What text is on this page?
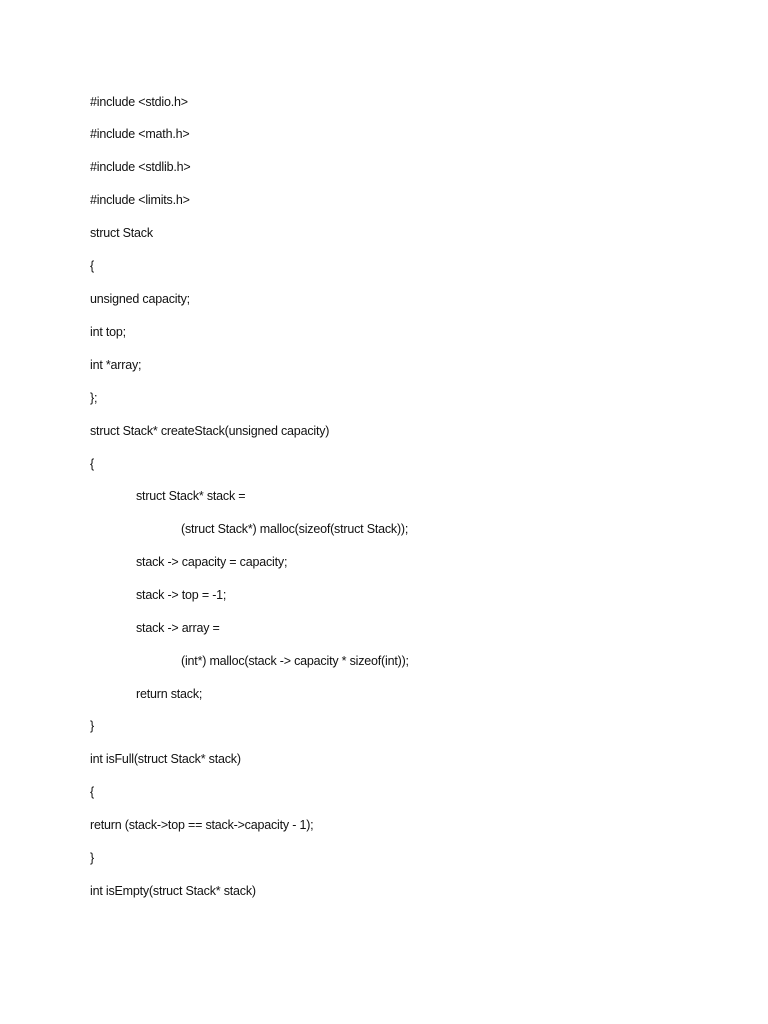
#include <stdio.h>
#include <math.h>
#include <stdlib.h>
#include <limits.h>
struct Stack
{
unsigned capacity;
int top;
int *array;
};
struct Stack* createStack(unsigned capacity)
{
struct Stack* stack =
(struct Stack*) malloc(sizeof(struct Stack));
stack -> capacity = capacity;
stack -> top = -1;
stack -> array =
(int*) malloc(stack -> capacity * sizeof(int));
return stack;
}
int isFull(struct Stack* stack)
{
return (stack->top == stack->capacity - 1);
}
int isEmpty(struct Stack* stack)
